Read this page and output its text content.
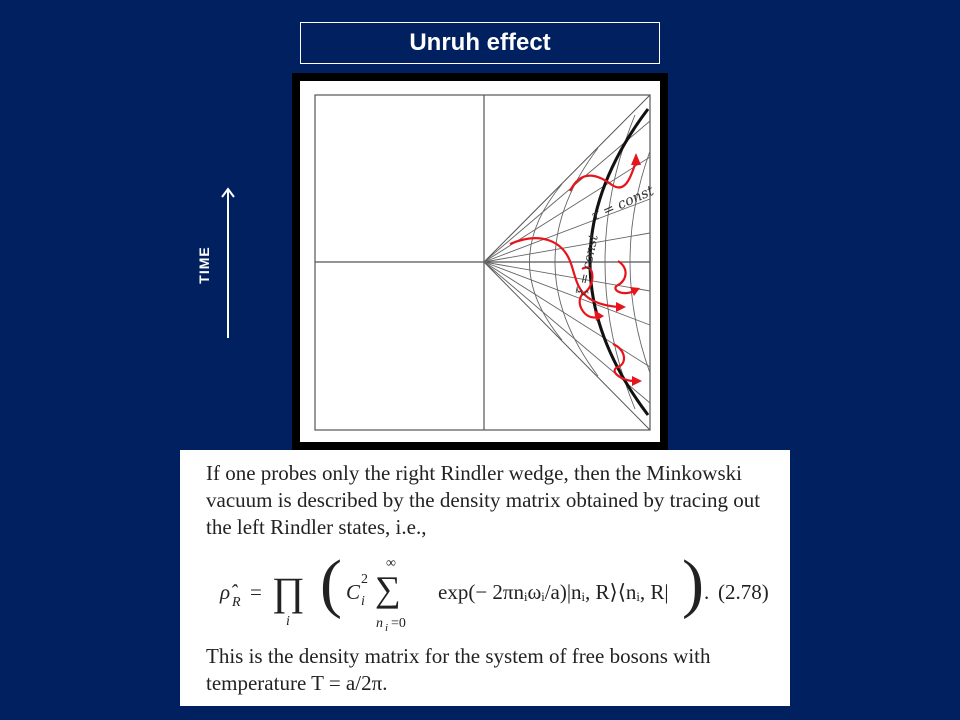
Unruh effect
TIME
τ = const
ξ = const
If one probes only the right Rindler wedge, then the Minkowski vacuum is described by the density matrix obtained by tracing out the left Rindler states, i.e.,
ρ̂ R = ∏
i
( C
2
i
∞
∑
n i =0
exp(− 2πnᵢωᵢ/a)|nᵢ, R⟩⟨nᵢ, R| ) . (2.78)
This is the density matrix for the system of free bosons with temperature T = a/2π.
